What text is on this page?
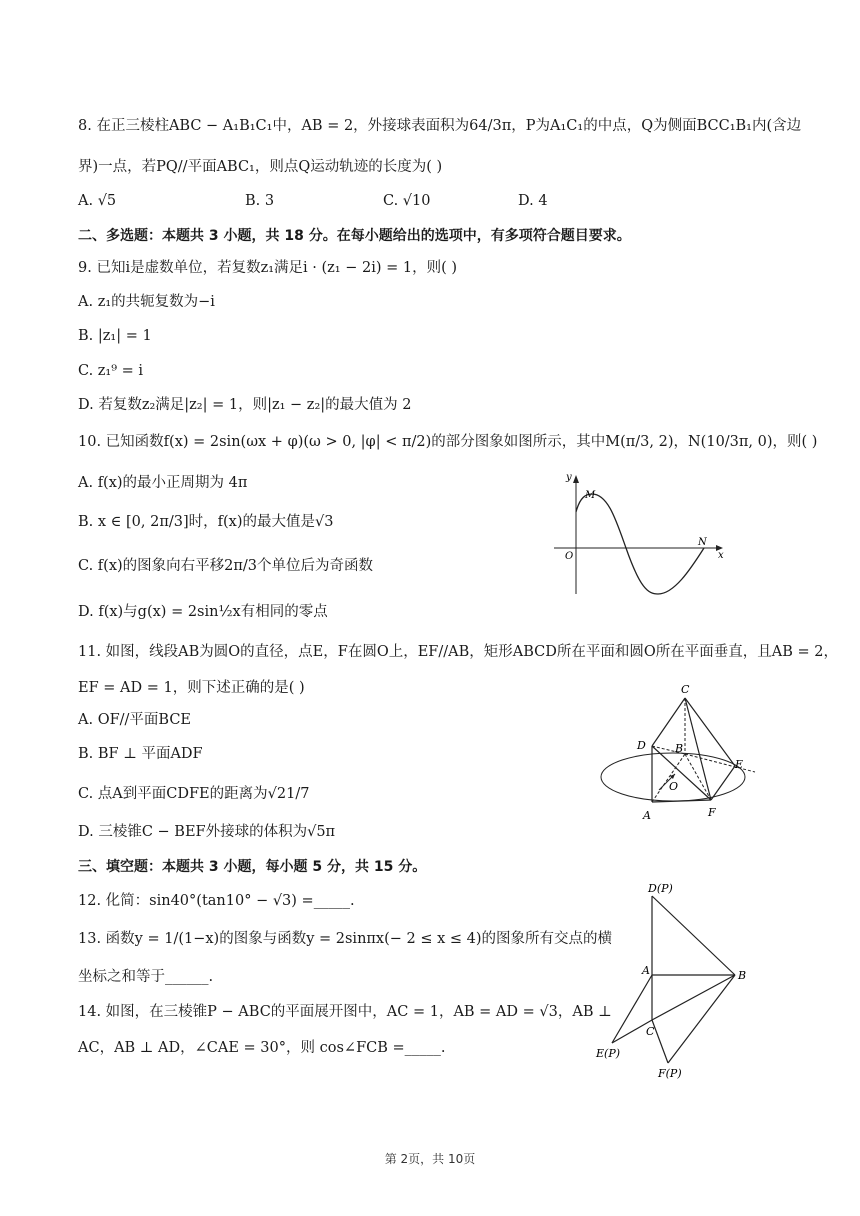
8. 在正三棱柱ABC − A₁B₁C₁中，AB = 2，外接球表面积为64/3π，P为A₁C₁的中点，Q为侧面BCC₁B₁内(含边
界)一点，若PQ//平面ABC₁，则点Q运动轨迹的长度为( )
A. √5	B. 3	C. √10	D. 4
二、多选题：本题共 3 小题，共 18 分。在每小题给出的选项中，有多项符合题目要求。
9. 已知i是虚数单位，若复数z₁满足i · (z₁ − 2i) = 1，则( )
A. z₁的共轭复数为−i
B. |z₁| = 1
C. z₁⁹ = i
D. 若复数z₂满足|z₂| = 1，则|z₁ − z₂|的最大值为 2
10. 已知函数f(x) = 2sin(ωx + φ)(ω > 0, |φ| < π/2)的部分图象如图所示，其中M(π/3, 2)，N(10/3π, 0)，则( )
A. f(x)的最小正周期为 4π
B. x ∈ [0, 2π/3]时，f(x)的最大值是√3
C. f(x)的图象向右平移2π/3个单位后为奇函数
D. f(x)与g(x) = 2sin½x有相同的零点
y
x
O
M
N
11. 如图，线段AB为圆O的直径，点E，F在圆O上，EF//AB，矩形ABCD所在平面和圆O所在平面垂直，且AB = 2，
EF = AD = 1，则下述正确的是( )
A. OF//平面BCE
B. BF ⊥ 平面ADF
C. 点A到平面CDFE的距离为√21/7
D. 三棱锥C − BEF外接球的体积为√5π
C
D	B
E
O
A	F
三、填空题：本题共 3 小题，每小题 5 分，共 15 分。
12. 化简：sin40°(tan10° − √3) =_____.
13. 函数y = 1/(1−x)的图象与函数y = 2sinπx(− 2 ≤ x ≤ 4)的图象所有交点的横
坐标之和等于______.
14. 如图，在三棱锥P − ABC的平面展开图中，AC = 1，AB = AD = √3，AB ⊥
AC，AB ⊥ AD，∠CAE = 30°，则 cos∠FCB =_____.
D(P)
A	B
C
E(P)
F(P)
第 2页，共 10页
